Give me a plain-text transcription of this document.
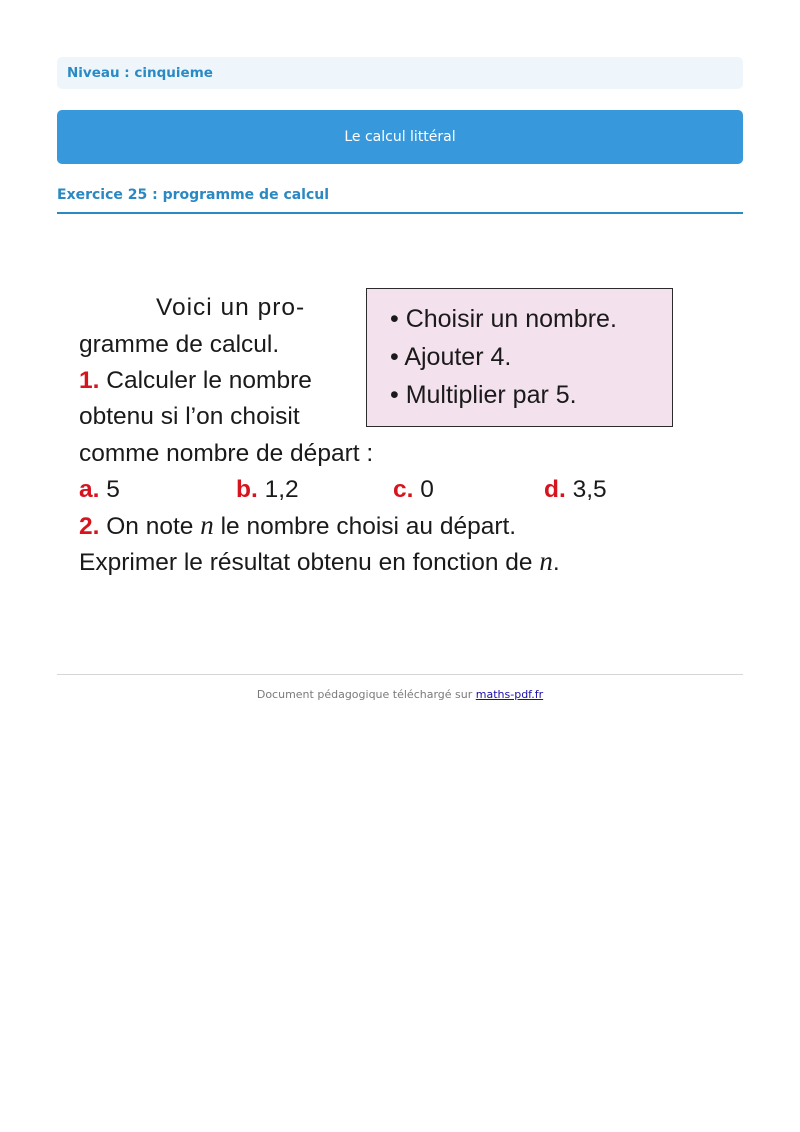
Niveau : cinquieme
Le calcul littéral
Exercice 25 : programme de calcul
Voici un pro-
gramme de calcul.
1. Calculer le nombre
obtenu si l’on choisit
comme nombre de départ :
• Choisir un nombre.
• Ajouter 4.
• Multiplier par 5.
a. 5	b. 1,2	c. 0	d. 3,5
2. On note n le nombre choisi au départ.
Exprimer le résultat obtenu en fonction de n.
Document pédagogique téléchargé sur maths-pdf.fr
